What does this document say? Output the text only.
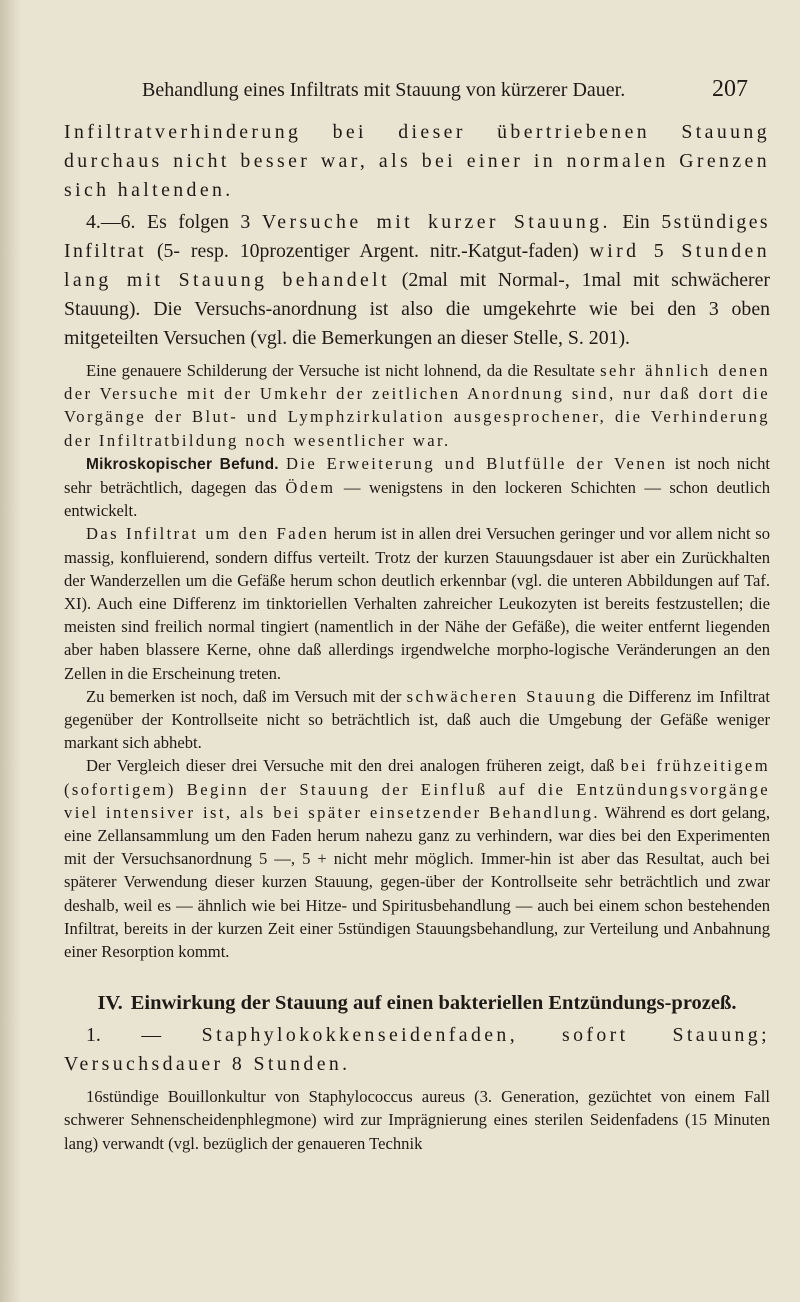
Behandlung eines Infiltrats mit Stauung von kürzerer Dauer.	207

Infiltratverhinderung bei dieser übertriebenen Stauung durchaus nicht besser war, als bei einer in normalen Grenzen sich haltenden.

4.—6. Es folgen 3 Versuche mit kurzer Stauung. Ein 5stündiges Infiltrat (5- resp. 10prozentiger Argent. nitr.-Katgut-faden) wird 5 Stunden lang mit Stauung behandelt (2mal mit Normal-, 1mal mit schwächerer Stauung). Die Versuchs-anordnung ist also die umgekehrte wie bei den 3 oben mitgeteilten Versuchen (vgl. die Bemerkungen an dieser Stelle, S. 201).

Eine genauere Schilderung der Versuche ist nicht lohnend, da die Resultate sehr ähnlich denen der Versuche mit der Umkehr der zeitlichen Anordnung sind, nur daß dort die Vorgänge der Blut- und Lymphzirkulation ausgesprochener, die Verhinderung der Infiltratbildung noch wesentlicher war.

Mikroskopischer Befund. Die Erweiterung und Blutfülle der Venen ist noch nicht sehr beträchtlich, dagegen das Ödem — wenigstens in den lockeren Schichten — schon deutlich entwickelt.

Das Infiltrat um den Faden herum ist in allen drei Versuchen geringer und vor allem nicht so massig, konfluierend, sondern diffus verteilt. Trotz der kurzen Stauungsdauer ist aber ein Zurückhalten der Wanderzellen um die Gefäße herum schon deutlich erkennbar (vgl. die unteren Abbildungen auf Taf. XI). Auch eine Differenz im tinktoriellen Verhalten zahreicher Leukozyten ist bereits festzustellen; die meisten sind freilich normal tingiert (namentlich in der Nähe der Gefäße), die weiter entfernt liegenden aber haben blassere Kerne, ohne daß allerdings irgendwelche morpho-logische Veränderungen an den Zellen in die Erscheinung treten.

Zu bemerken ist noch, daß im Versuch mit der schwächeren Stauung die Differenz im Infiltrat gegenüber der Kontrollseite nicht so beträchtlich ist, daß auch die Umgebung der Gefäße weniger markant sich abhebt.

Der Vergleich dieser drei Versuche mit den drei analogen früheren zeigt, daß bei frühzeitigem (sofortigem) Beginn der Stauung der Einfluß auf die Entzündungsvorgänge viel intensiver ist, als bei später einsetzender Behandlung. Während es dort gelang, eine Zellansammlung um den Faden herum nahezu ganz zu verhindern, war dies bei den Experimenten mit der Versuchsanordnung 5 —, 5 + nicht mehr möglich. Immer-hin ist aber das Resultat, auch bei späterer Verwendung dieser kurzen Stauung, gegen-über der Kontrollseite sehr beträchtlich und zwar deshalb, weil es — ähnlich wie bei Hitze- und Spiritusbehandlung — auch bei einem schon bestehenden Infiltrat, bereits in der kurzen Zeit einer 5stündigen Stauungsbehandlung, zur Verteilung und Anbahnung einer Resorption kommt.

IV. Einwirkung der Stauung auf einen bakteriellen Entzündungs-prozeß.

1. — Staphylokokkenseidenfaden, sofort Stauung; Versuchsdauer 8 Stunden.

16stündige Bouillonkultur von Staphylococcus aureus (3. Generation, gezüchtet von einem Fall schwerer Sehnenscheidenphlegmone) wird zur Imprägnierung eines sterilen Seidenfadens (15 Minuten lang) verwandt (vgl. bezüglich der genaueren Technik
